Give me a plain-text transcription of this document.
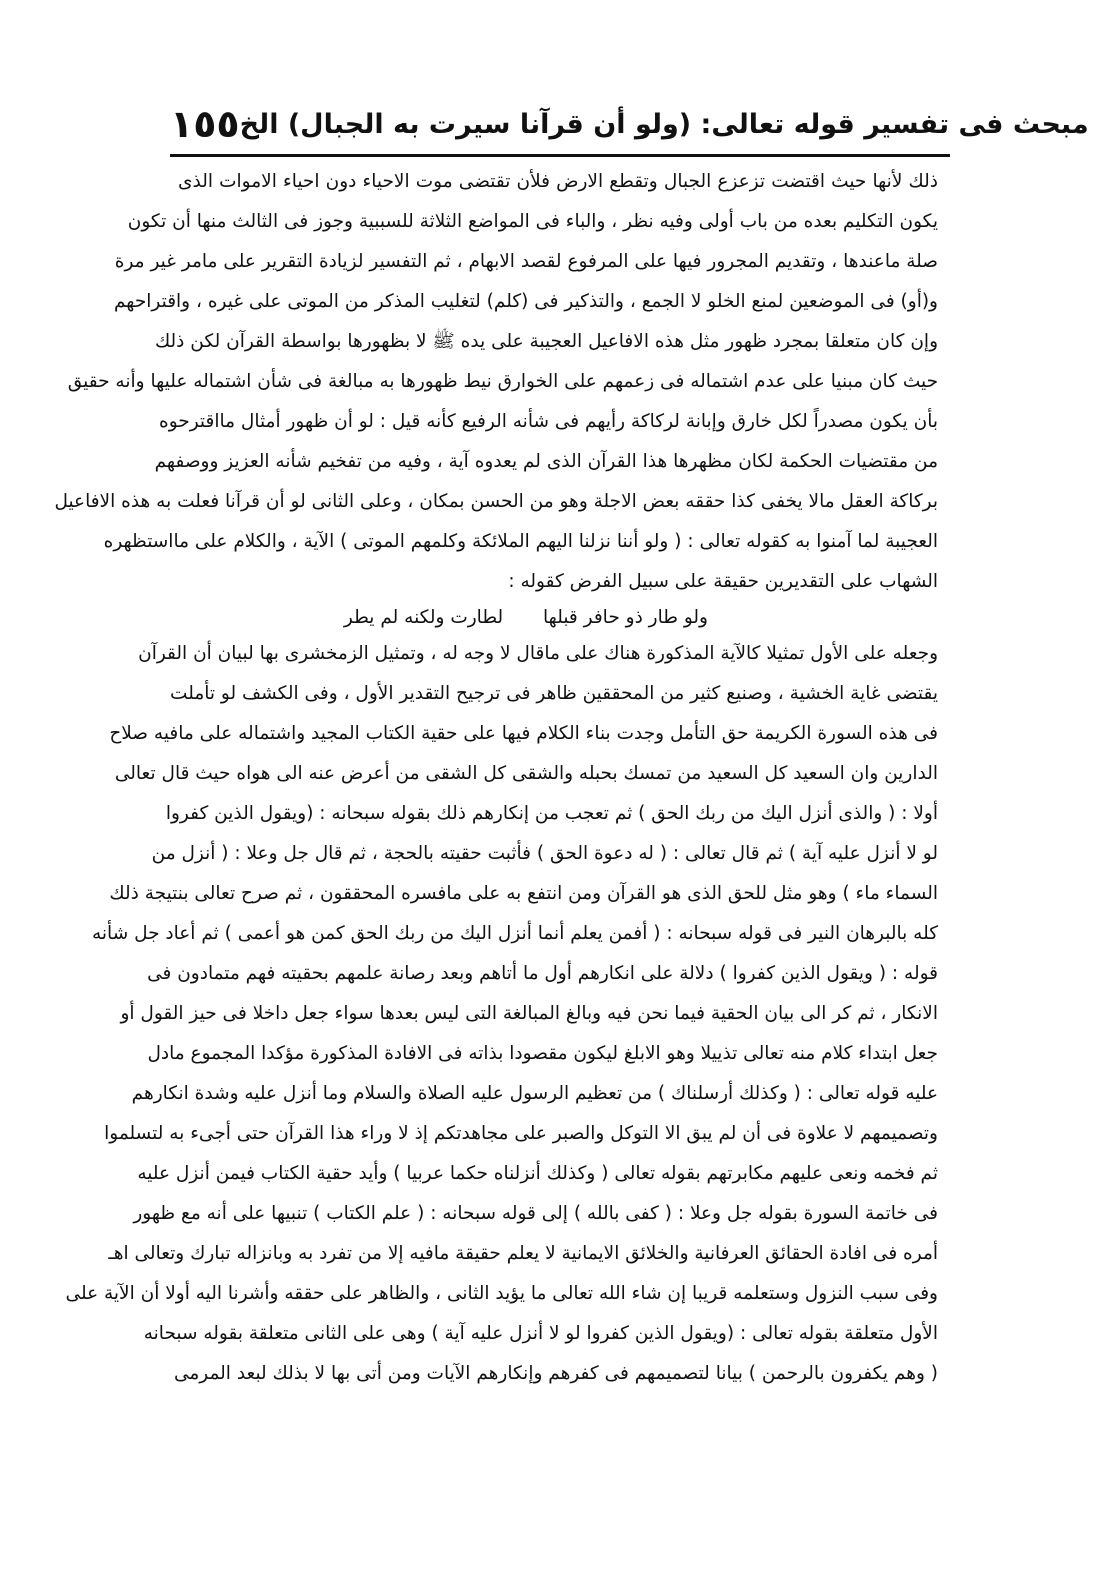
١٥٥ مبحث فى تفسير قوله تعالى: (ولو أن قرآنا سيرت به الجبال) الخ
ذلك لأنها حيث اقتضت تزعزع الجبال وتقطع الارض فلأن تقتضى موت الاحياء دون احياء الاموات الذى
يكون التكليم بعده من باب أولى وفيه نظر ، والباء فى المواضع الثلاثة للسببية وجوز فى الثالث منها أن تكون
صلة ماعندها ، وتقديم المجرور فيها على المرفوع لقصد الابهام ، ثم التفسير لزيادة التقرير على مامر غير مرة
و(أو) فى الموضعين لمنع الخلو لا الجمع ، والتذكير فى (كلم) لتغليب المذكر من الموتى على غيره ، واقتراحهم
وإن كان متعلقا بمجرد ظهور مثل هذه الافاعيل العجيبة على يده ﷺ لا بظهورها بواسطة القرآن لكن ذلك
حيث كان مبنيا على عدم اشتماله فى زعمهم على الخوارق نيط ظهورها به مبالغة فى شأن اشتماله عليها وأنه حقيق
بأن يكون مصدراً لكل خارق وإبانة لركاكة رأيهم فى شأنه الرفيع كأنه قيل : لو أن ظهور أمثال مااقترحوه
من مقتضيات الحكمة لكان مظهرها هذا القرآن الذى لم يعدوه آية ، وفيه من تفخيم شأنه العزيز ووصفهم
بركاكة العقل مالا يخفى كذا حققه بعض الاجلة وهو من الحسن بمكان ، وعلى الثانى لو أن قرآنا فعلت به هذه الافاعيل
العجيبة لما آمنوا به كقوله تعالى : ( ولو أننا نزلنا اليهم الملائكة وكلمهم الموتى ) الآية ، والكلام على مااستظهره
الشهاب على التقديرين حقيقة على سبيل الفرض كقوله :
ولو طار ذو حافر قبلها لطارت ولكنه لم يطر
وجعله على الأول تمثيلا كالآية المذكورة هناك على ماقال لا وجه له ، وتمثيل الزمخشرى بها لبيان أن القرآن
يقتضى غاية الخشية ، وصنيع كثير من المحققين ظاهر فى ترجيح التقدير الأول ، وفى الكشف لو تأملت
فى هذه السورة الكريمة حق التأمل وجدت بناء الكلام فيها على حقية الكتاب المجيد واشتماله على مافيه صلاح
الدارين وان السعيد كل السعيد من تمسك بحبله والشقى كل الشقى من أعرض عنه الى هواه حيث قال تعالى
أولا : ( والذى أنزل اليك من ربك الحق ) ثم تعجب من إنكارهم ذلك بقوله سبحانه : (ويقول الذين كفروا
لو لا أنزل عليه آية ) ثم قال تعالى : ( له دعوة الحق ) فأثبت حقيته بالحجة ، ثم قال جل وعلا : ( أنزل من
السماء ماء ) وهو مثل للحق الذى هو القرآن ومن انتفع به على مافسره المحققون ، ثم صرح تعالى بنتيجة ذلك
كله بالبرهان النير فى قوله سبحانه : ( أفمن يعلم أنما أنزل اليك من ربك الحق كمن هو أعمى ) ثم أعاد جل شأنه
قوله : ( ويقول الذين كفروا ) دلالة على انكارهم أول ما أتاهم وبعد رصانة علمهم بحقيته فهم متمادون فى
الانكار ، ثم كر الى بيان الحقية فيما نحن فيه وبالغ المبالغة التى ليس بعدها سواء جعل داخلا فى حيز القول أو
جعل ابتداء كلام منه تعالى تذييلا وهو الابلغ ليكون مقصودا بذاته فى الافادة المذكورة مؤكدا المجموع مادل
عليه قوله تعالى : ( وكذلك أرسلناك ) من تعظيم الرسول عليه الصلاة والسلام وما أنزل عليه وشدة انكارهم
وتصميمهم لا علاوة فى أن لم يبق الا التوكل والصبر على مجاهدتكم إذ لا وراء هذا القرآن حتى أجىء به لتسلموا
ثم فخمه ونعى عليهم مكابرتهم بقوله تعالى ( وكذلك أنزلناه حكما عربيا ) وأيد حقية الكتاب فيمن أنزل عليه
فى خاتمة السورة بقوله جل وعلا : ( كفى بالله ) إلى قوله سبحانه : ( علم الكتاب ) تنبيها على أنه مع ظهور
أمره فى افادة الحقائق العرفانية والخلائق الايمانية لا يعلم حقيقة مافيه إلا من تفرد به وبانزاله تبارك وتعالى اهـ
وفى سبب النزول وستعلمه قريبا إن شاء الله تعالى ما يؤيد الثانى ، والظاهر على حققه وأشرنا اليه أولا أن الآية على
الأول متعلقة بقوله تعالى : (ويقول الذين كفروا لو لا أنزل عليه آية ) وهى على الثانى متعلقة بقوله سبحانه
( وهم يكفرون بالرحمن ) بيانا لتصميمهم فى كفرهم وإنكارهم الآيات ومن أتى بها لا بذلك لبعد المرمى
